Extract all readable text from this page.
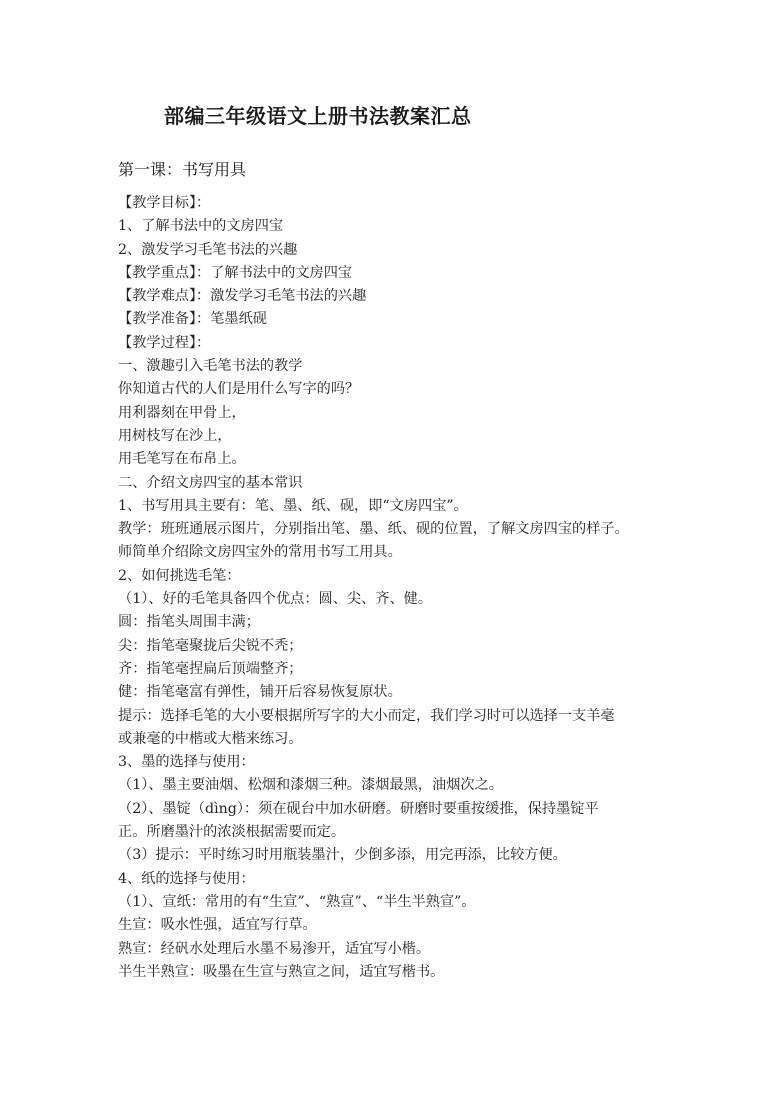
部编三年级语文上册书法教案汇总
第一课：书写用具
【教学目标】：
1、了解书法中的文房四宝
2、激发学习毛笔书法的兴趣
【教学重点】：了解书法中的文房四宝
【教学难点】：激发学习毛笔书法的兴趣
【教学准备】：笔墨纸砚
【教学过程】：
一、激趣引入毛笔书法的教学
你知道古代的人们是用什么写字的吗？
用利器刻在甲骨上，
用树枝写在沙上，
用毛笔写在布帛上。
二、介绍文房四宝的基本常识
1、书写用具主要有：笔、墨、纸、砚，即“文房四宝”。
教学：班班通展示图片，分别指出笔、墨、纸、砚的位置，了解文房四宝的样子。
师简单介绍除文房四宝外的常用书写工用具。
2、如何挑选毛笔：
（1）、好的毛笔具备四个优点：圆、尖、齐、健。
圆：指笔头周围丰满；
尖：指笔毫聚拢后尖锐不秃；
齐：指笔毫捏扁后顶端整齐；
健：指笔毫富有弹性，铺开后容易恢复原状。
提示：选择毛笔的大小要根据所写字的大小而定，我们学习时可以选择一支羊毫
或兼毫的中楷或大楷来练习。
3、墨的选择与使用：
（1）、墨主要油烟、松烟和漆烟三种。漆烟最黑，油烟次之。
（2）、墨锭（dìng）：须在砚台中加水研磨。研磨时要重按缓推，保持墨锭平
正。所磨墨汁的浓淡根据需要而定。
（3）提示：平时练习时用瓶装墨汁，少倒多添，用完再添，比较方便。
4、纸的选择与使用：
（1）、宣纸：常用的有“生宣”、“熟宣”、“半生半熟宣”。
生宣：吸水性强，适宜写行草。
熟宣：经矾水处理后水墨不易渗开，适宜写小楷。
半生半熟宣：吸墨在生宣与熟宣之间，适宜写楷书。
